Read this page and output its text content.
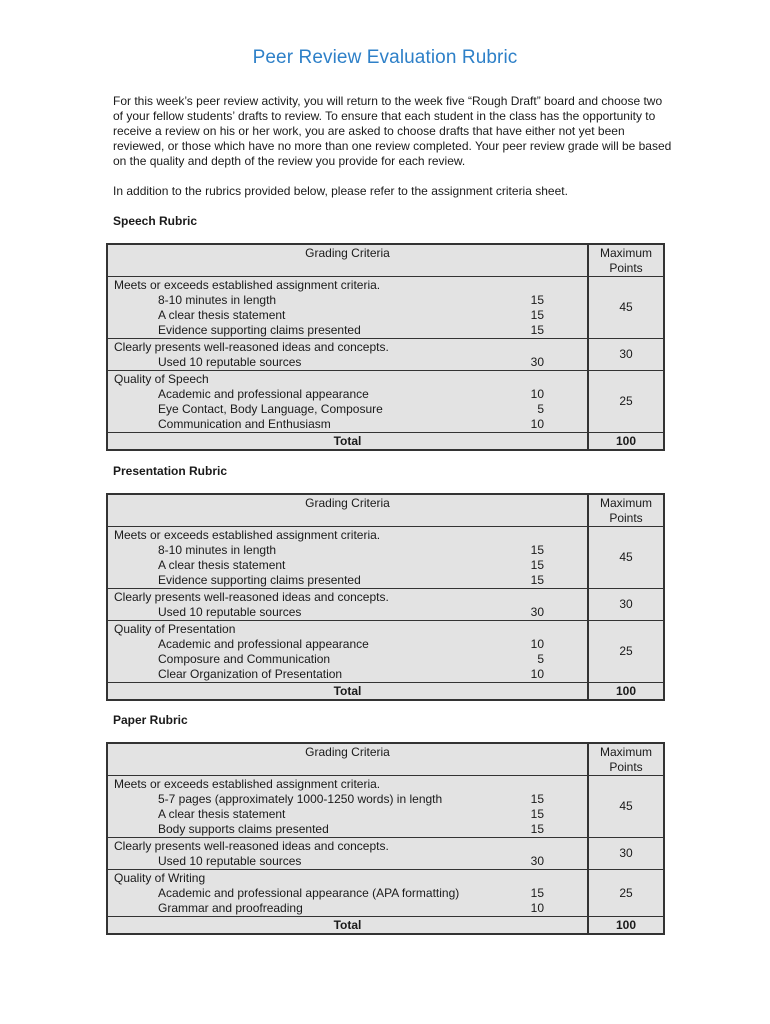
Peer Review Evaluation Rubric
For this week’s peer review activity, you will return to the week five “Rough Draft” board and choose two of your fellow students’ drafts to review. To ensure that each student in the class has the opportunity to receive a review on his or her work, you are asked to choose drafts that have either not yet been reviewed, or those which have no more than one review completed. Your peer review grade will be based on the quality and depth of the review you provide for each review.
In addition to the rubrics provided below, please refer to the assignment criteria sheet.
Speech Rubric
Grading Criteria	Maximum
Points
Meets or exceeds established assignment criteria.
8-10 minutes in length	15
A clear thesis statement	15
Evidence supporting claims presented	15
45
Clearly presents well-reasoned ideas and concepts.
Used 10 reputable sources	30
30
Quality of Speech
Academic and professional appearance	10
Eye Contact, Body Language, Composure	5
Communication and Enthusiasm	10
25
Total	100
Presentation Rubric
Grading Criteria	Maximum
Points
Meets or exceeds established assignment criteria.
8-10 minutes in length	15
A clear thesis statement	15
Evidence supporting claims presented	15
45
Clearly presents well-reasoned ideas and concepts.
Used 10 reputable sources	30
30
Quality of Presentation
Academic and professional appearance	10
Composure and Communication	5
Clear Organization of Presentation	10
25
Total	100
Paper Rubric
Grading Criteria	Maximum
Points
Meets or exceeds established assignment criteria.
5-7 pages (approximately 1000-1250 words) in length	15
A clear thesis statement	15
Body supports claims presented	15
45
Clearly presents well-reasoned ideas and concepts.
Used 10 reputable sources	30
30
Quality of Writing
Academic and professional appearance (APA formatting)	15
Grammar and proofreading	10
25
Total	100
